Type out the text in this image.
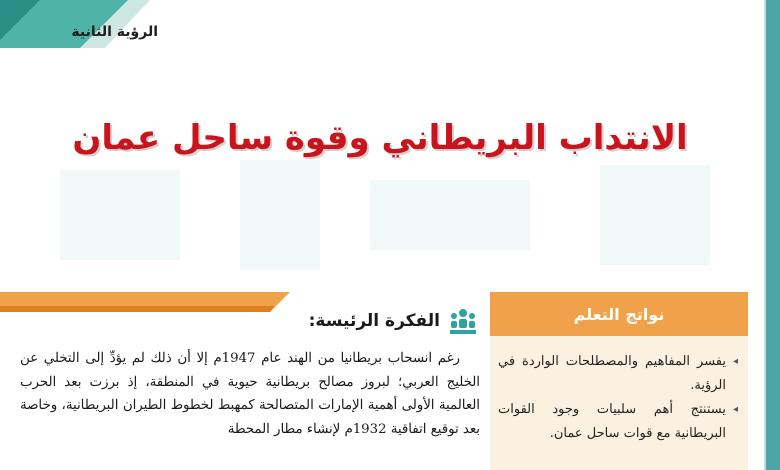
الرؤية الثانية
الانتداب البريطاني وقوة ساحل عمان
نواتج التعلم
◂
يفسر المفاهيم والمصطلحات الواردة في الرؤية.
◂
يستنتج أهم سلبيات وجود القوات البريطانية مع قوات ساحل عمان.
الفكرة الرئيسة:

رغم انسحاب بريطانيا من الهند عام 1947م إلا أن ذلك لم يؤدِّ إلى التخلي عن الخليج العربي؛ لبروز مصالح بريطانية حيوية في المنطقة، إذ برزت بعد الحرب العالمية الأولى أهمية الإمارات المتصالحة كمهبط لخطوط الطيران البريطانية، وخاصة بعد توقيع اتفاقية 1932م لإنشاء مطار المحطة
